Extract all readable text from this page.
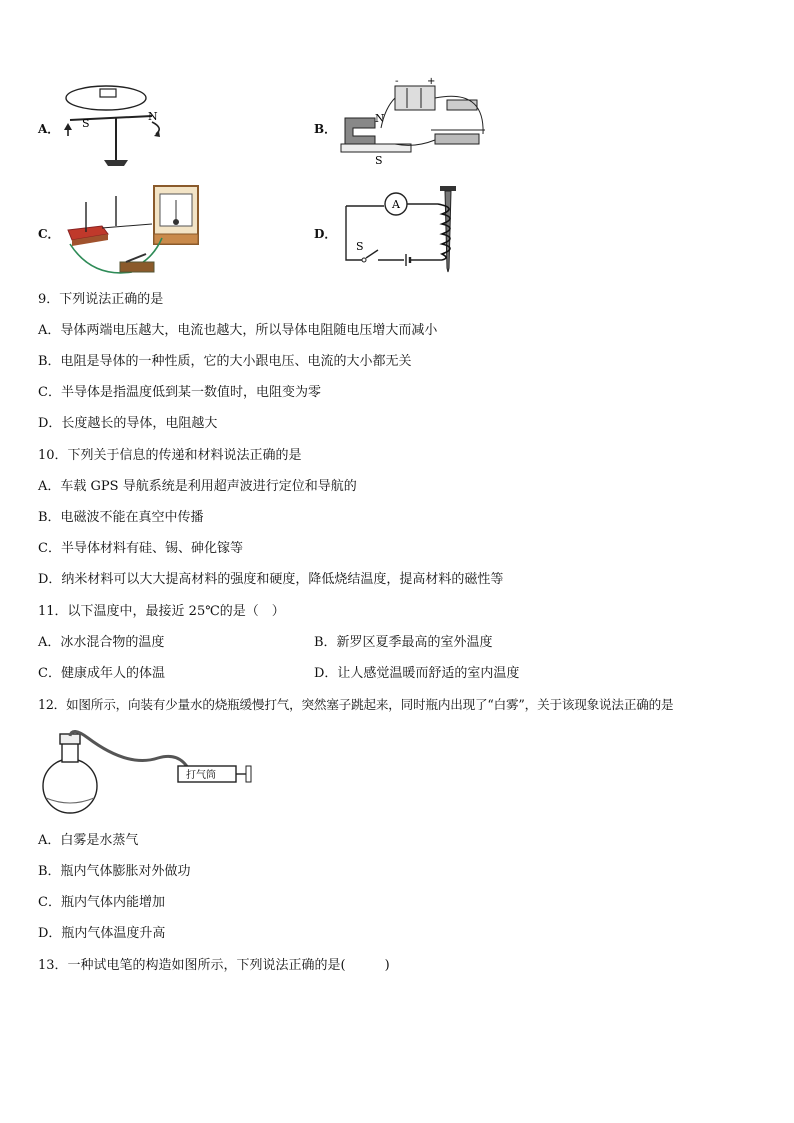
A．	B．
C．	D．
S
N
-	+
N
S
A
S
9．下列说法正确的是
A．导体两端电压越大，电流也越大，所以导体电阻随电压增大而减小
B．电阻是导体的一种性质，它的大小跟电压、电流的大小都无关
C．半导体是指温度低到某一数值时，电阻变为零
D．长度越长的导体，电阻越大
10．下列关于信息的传递和材料说法正确的是
A．车载 GPS 导航系统是利用超声波进行定位和导航的
B．电磁波不能在真空中传播
C．半导体材料有硅、锡、砷化镓等
D．纳米材料可以大大提高材料的强度和硬度，降低烧结温度，提高材料的磁性等
11．以下温度中，最接近 25℃的是（　）
A．冰水混合物的温度	B．新罗区夏季最高的室外温度
C．健康成年人的体温	D．让人感觉温暖而舒适的室内温度
12．如图所示，向装有少量水的烧瓶缓慢打气，突然塞子跳起来，同时瓶内出现了“白雾”，关于该现象说法正确的是
打气筒
A．白雾是水蒸气
B．瓶内气体膨胀对外做功
C．瓶内气体内能增加
D．瓶内气体温度升高
13．一种试电笔的构造如图所示，下列说法正确的是(　　　)
